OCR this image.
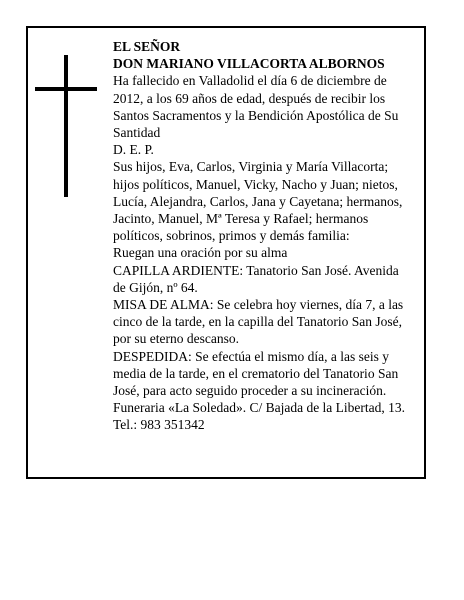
EL SEÑOR

DON MARIANO VILLACORTA ALBORNOS

Ha fallecido en Valladolid el día 6 de diciembre de 2012, a los 69 años de edad, después de recibir los Santos Sacramentos y la Bendición Apostólica de Su Santidad

D. E. P.

Sus hijos, Eva, Carlos, Virginia y María Villacorta; hijos políticos, Manuel, Vicky, Nacho y Juan; nietos, Lucía, Alejandra, Carlos, Jana y Cayetana; hermanos, Jacinto, Manuel, Mª Teresa y Rafael; hermanos políticos, sobrinos, primos y demás familia:

Ruegan una oración por su alma

CAPILLA ARDIENTE: Tanatorio San José. Avenida de Gijón, nº 64.

MISA DE ALMA: Se celebra hoy viernes, día 7, a las cinco de la tarde, en la capilla del Tanatorio San José, por su eterno descanso.

DESPEDIDA: Se efectúa el mismo día, a las seis y media de la tarde, en el crematorio del Tanatorio San José, para acto seguido proceder a su incineración.

Funeraria «La Soledad». C/ Bajada de la Libertad, 13. Tel.: 983 351342
